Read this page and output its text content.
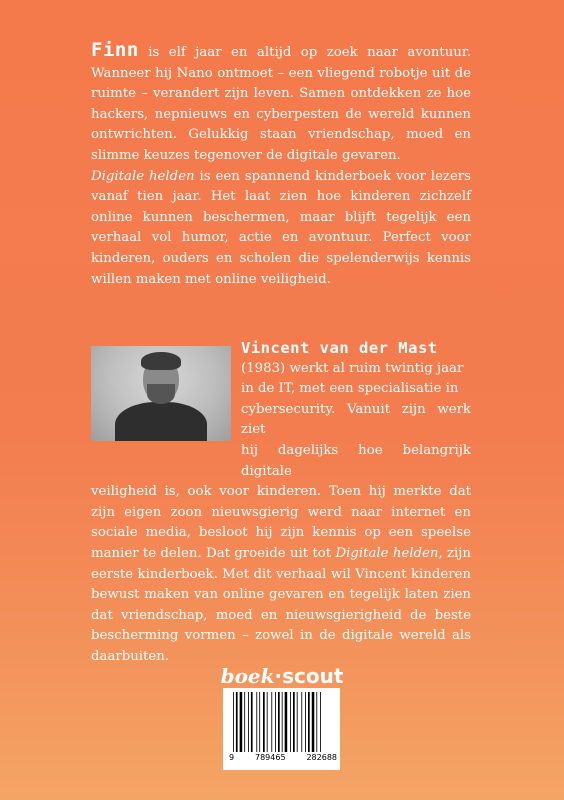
Finn is elf jaar en altijd op zoek naar avontuur. Wanneer hij Nano ontmoet – een vliegend robotje uit de ruimte – verandert zijn leven. Samen ontdekken ze hoe hackers, nepnieuws en cyberpesten de wereld kunnen ontwrichten. Gelukkig staan vriendschap, moed en slimme keuzes tegenover de digitale gevaren.
Digitale helden is een spannend kinderboek voor lezers vanaf tien jaar. Het laat zien hoe kinderen zichzelf online kunnen beschermen, maar blijft tegelijk een verhaal vol humor, actie en avontuur. Perfect voor kinderen, ouders en scholen die spelenderwijs kennis willen maken met online veiligheid.
Vincent van der Mast
(1983) werkt al ruim twintig jaar
in de IT, met een specialisatie in
cybersecurity. Vanuit zijn werk ziet
hij dagelijks hoe belangrijk digitale
veiligheid is, ook voor kinderen. Toen hij merkte dat zijn eigen zoon nieuwsgierig werd naar internet en sociale media, besloot hij zijn kennis op een speelse manier te delen. Dat groeide uit tot Digitale helden, zijn eerste kinderboek. Met dit verhaal wil Vincent kinderen bewust maken van online gevaren en tegelijk laten zien dat vriendschap, moed en nieuwsgierigheid de beste bescherming vormen – zowel in de digitale wereld als daarbuiten.
boek·scout
9	789465	282688
